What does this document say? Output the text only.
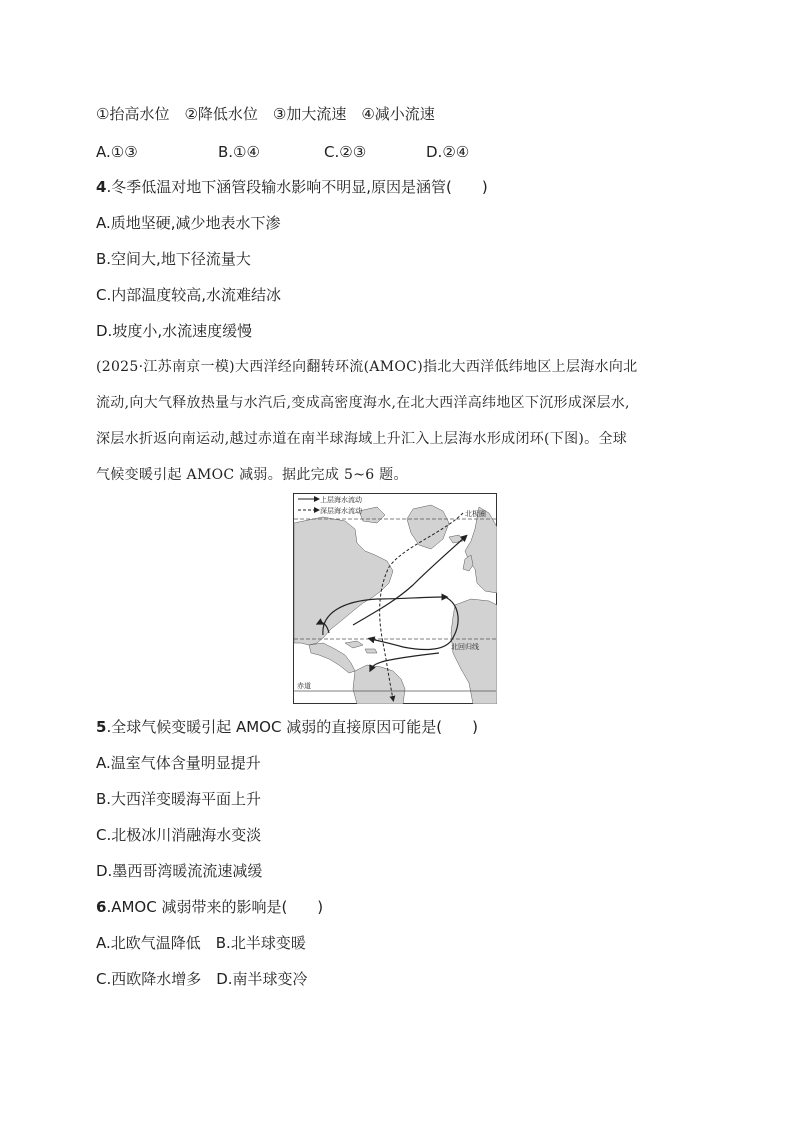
①抬高水位　②降低水位　③加大流速　④减小流速
A.①③	B.①④	C.②③	D.②④
4.冬季低温对地下涵管段输水影响不明显,原因是涵管(　　)
A.质地坚硬,减少地表水下渗
B.空间大,地下径流量大
C.内部温度较高,水流难结冰
D.坡度小,水流速度缓慢
(2025·江苏南京一模)大西洋经向翻转环流(AMOC)指北大西洋低纬地区上层海水向北
流动,向大气释放热量与水汽后,变成高密度海水,在北大西洋高纬地区下沉形成深层水,
深层水折返向南运动,越过赤道在南半球海域上升汇入上层海水形成闭环(下图)。全球
气候变暖引起 AMOC 减弱。据此完成 5~6 题。
上层海水流动
深层海水流动	北极圈
北回归线
赤道
5.全球气候变暖引起 AMOC 减弱的直接原因可能是(　　)
A.温室气体含量明显提升
B.大西洋变暖海平面上升
C.北极冰川消融海水变淡
D.墨西哥湾暖流流速减缓
6.AMOC 减弱带来的影响是(　　)
A.北欧气温降低　B.北半球变暖
C.西欧降水增多　D.南半球变冷
